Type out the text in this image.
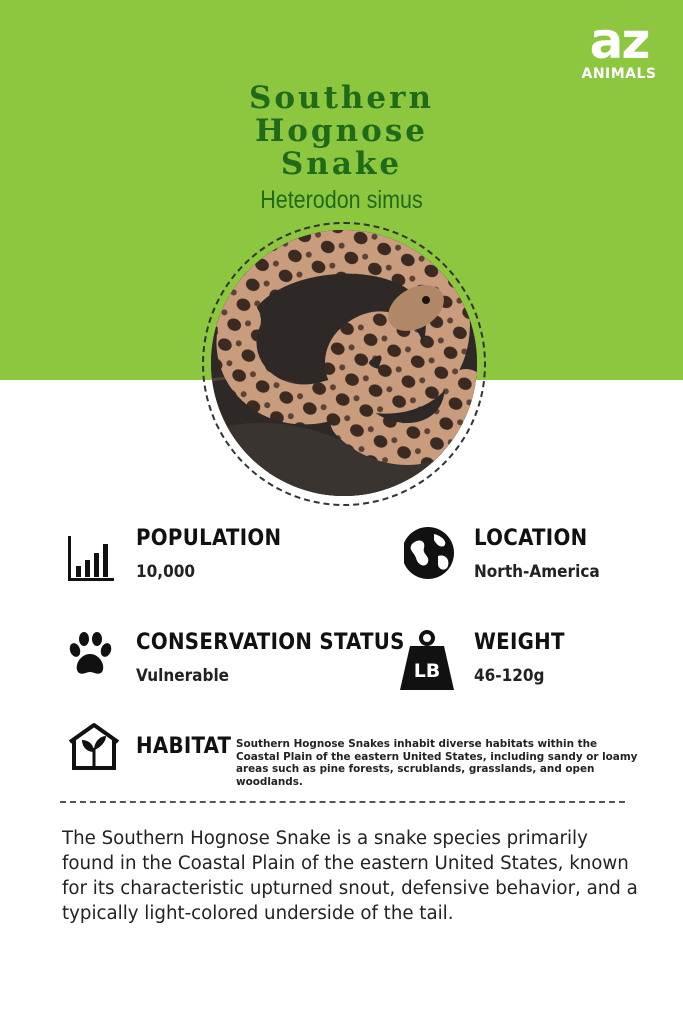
az
ANIMALS
Southern
Hognose
Snake
Heterodon simus
POPULATION
10,000
LOCATION
North-America
CONSERVATION STATUS
Vulnerable	LB
WEIGHT
46-120g
HABITAT Southern Hognose Snakes inhabit diverse habitats within the Coastal Plain of the eastern United States, including sandy or loamy areas such as pine forests, scrublands, grasslands, and open woodlands.

The Southern Hognose Snake is a snake species primarily found in the Coastal Plain of the eastern United States, known for its characteristic upturned snout, defensive behavior, and a typically light-colored underside of the tail.
